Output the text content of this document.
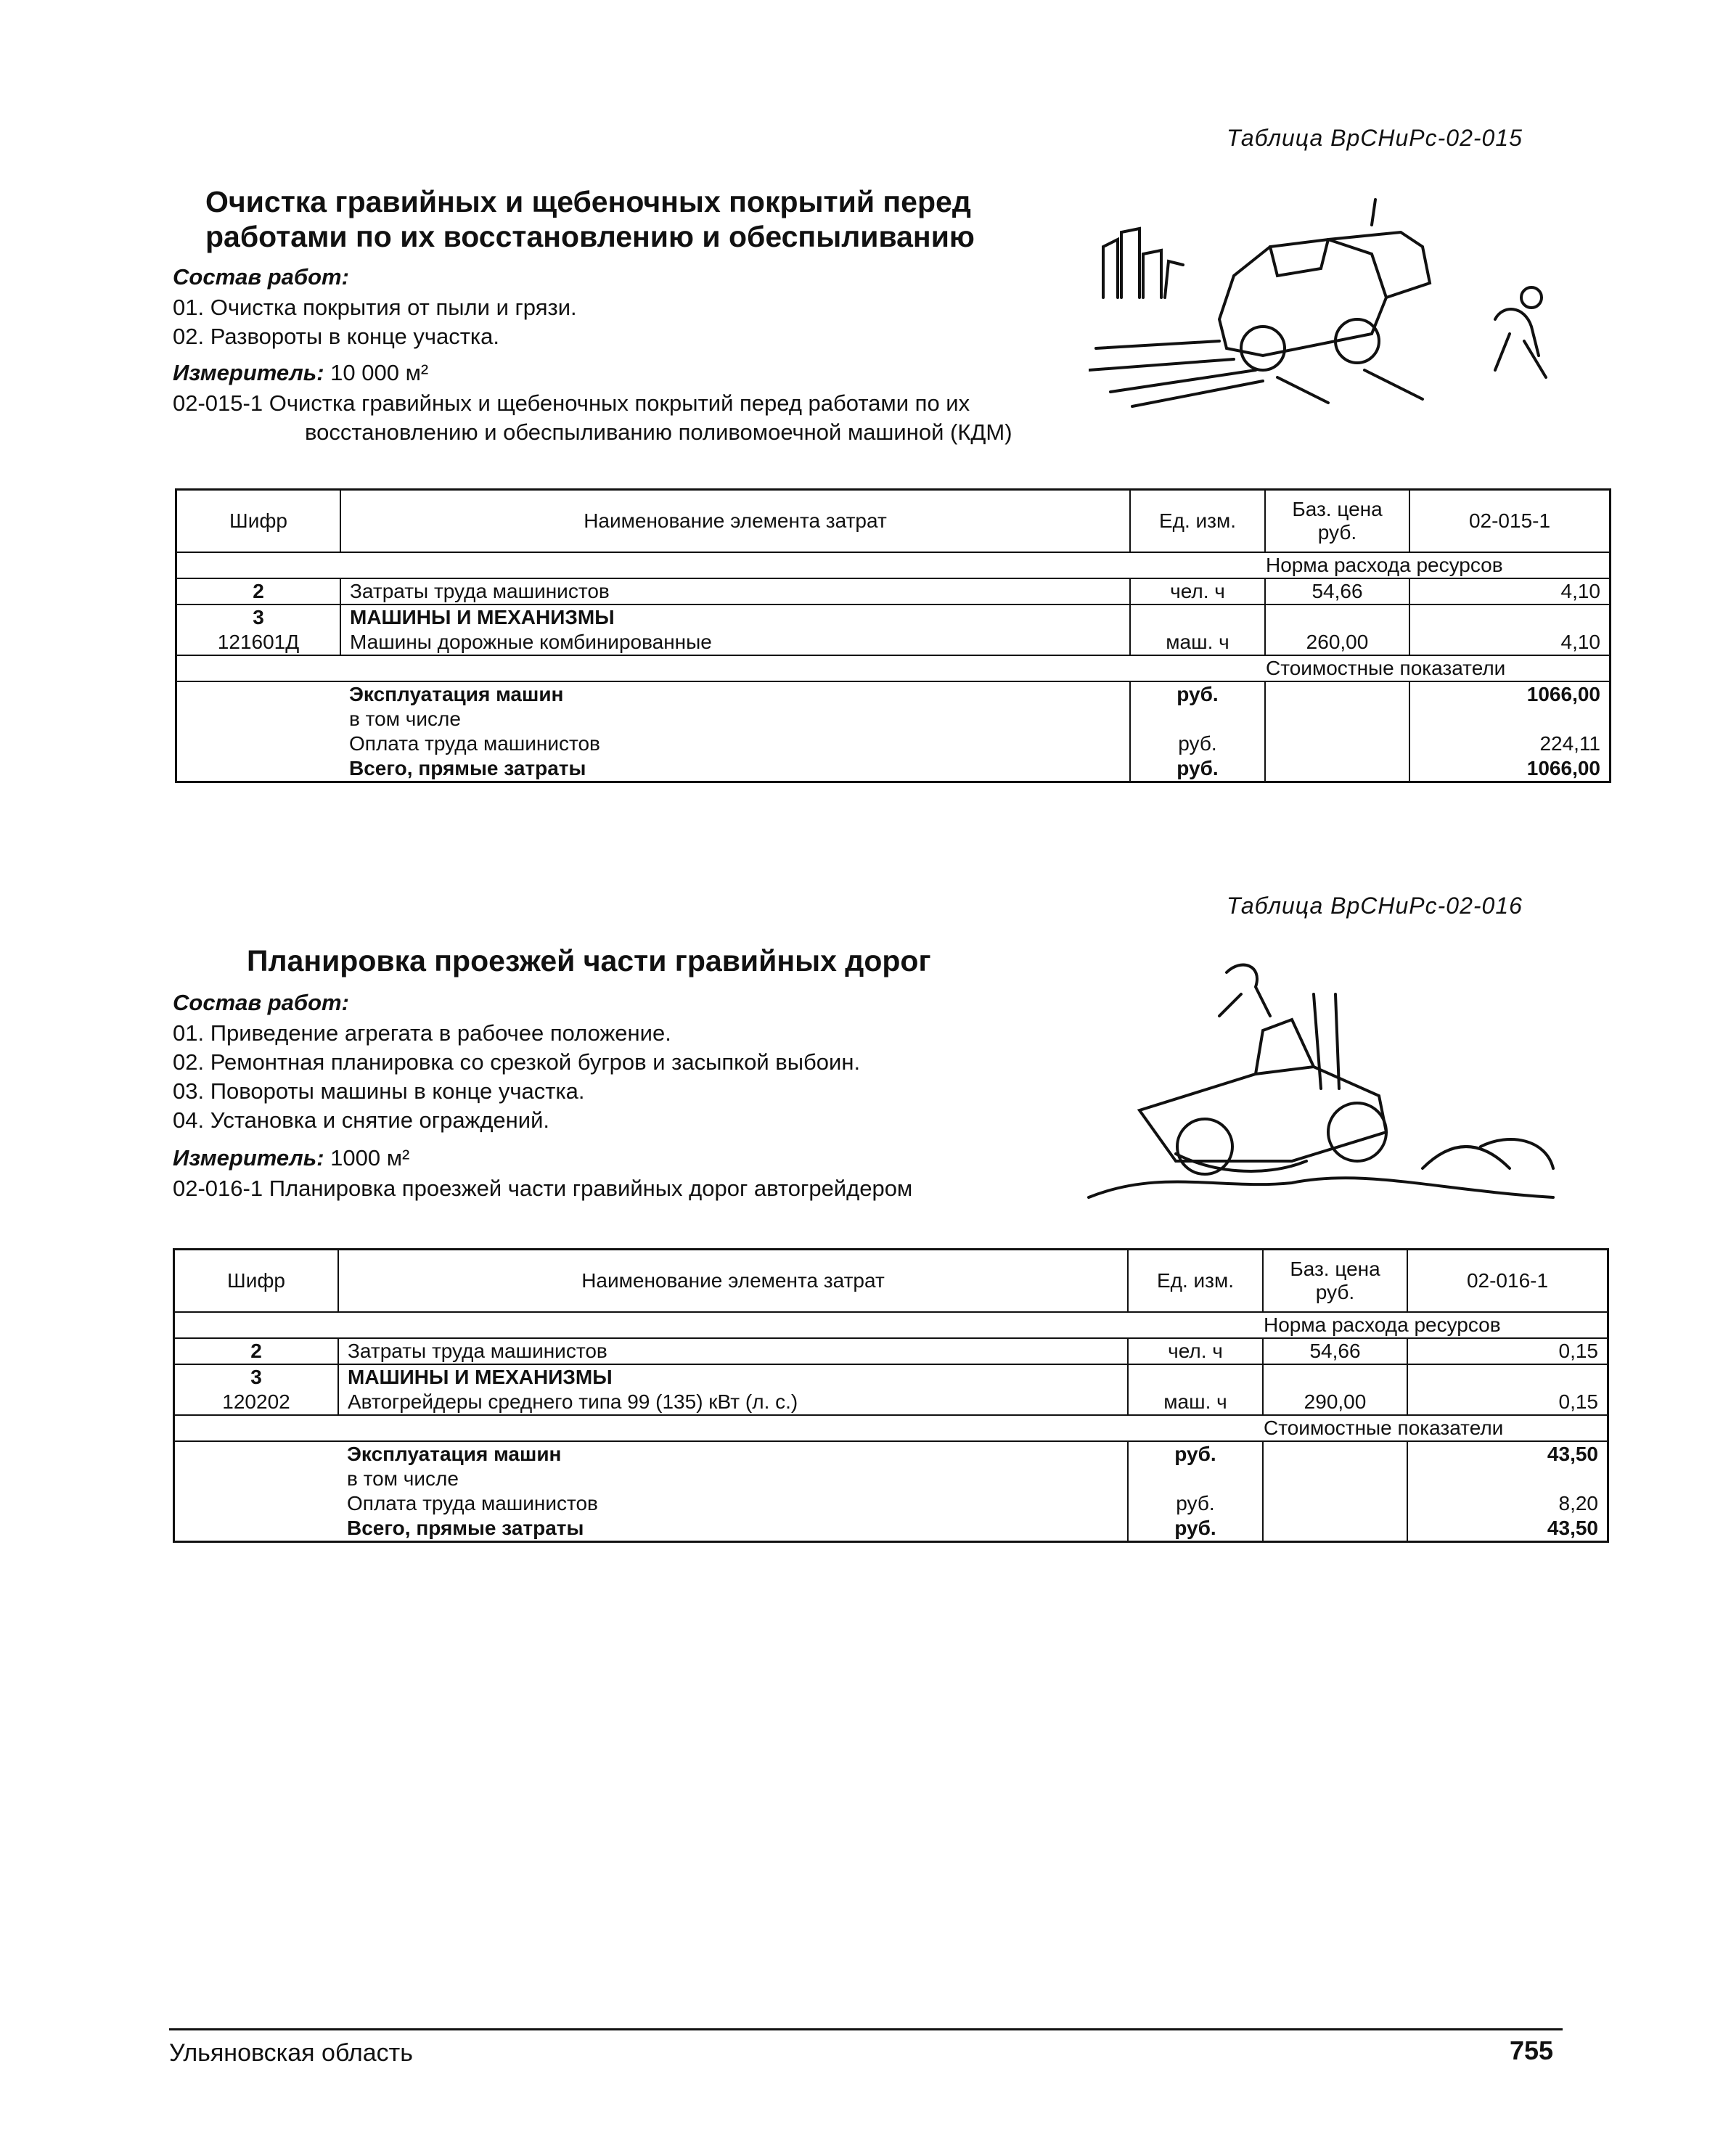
Таблица ВрСНиРс-02-015
Очистка гравийных и щебеночных покрытий перед
работами по их восстановлению и обеспыливанию
Состав работ:
01. Очистка покрытия от пыли и грязи.
02. Развороты в конце участка.
Измеритель: 10 000 м²
02-015-1 Очистка гравийных и щебеночных покрытий перед работами по их
восстановлению и обеспыливанию поливомоечной машиной (КДМ)
Шифр	Наименование элемента затрат	Ед. изм.	Баз. цена руб.	02-015-1
Норма расхода ресурсов				
2	Затраты труда машинистов	чел. ч	54,66	4,10
3	МАШИНЫ И МЕХАНИЗМЫ			
121601Д	Машины дорожные комбинированные	маш. ч	260,00	4,10
Стоимостные показатели				
	Эксплуатация машин	руб.		1066,00
	в том числе			
	Оплата труда машинистов	руб.		224,11
	Всего, прямые затраты	руб.		1066,00
Таблица ВрСНиРс-02-016
Планировка проезжей части гравийных дорог
Состав работ:
01. Приведение агрегата в рабочее положение.
02. Ремонтная планировка со срезкой бугров и засыпкой выбоин.
03. Повороты машины в конце участка.
04. Установка и снятие ограждений.
Измеритель: 1000 м²
02-016-1 Планировка проезжей части гравийных дорог автогрейдером
Шифр	Наименование элемента затрат	Ед. изм.	Баз. цена руб.	02-016-1
Норма расхода ресурсов				
2	Затраты труда машинистов	чел. ч	54,66	0,15
3	МАШИНЫ И МЕХАНИЗМЫ			
120202	Автогрейдеры среднего типа 99 (135) кВт (л. с.)	маш. ч	290,00	0,15
Стоимостные показатели				
	Эксплуатация машин	руб.		43,50
	в том числе			
	Оплата труда машинистов	руб.		8,20
	Всего, прямые затраты	руб.		43,50
Ульяновская область	755
